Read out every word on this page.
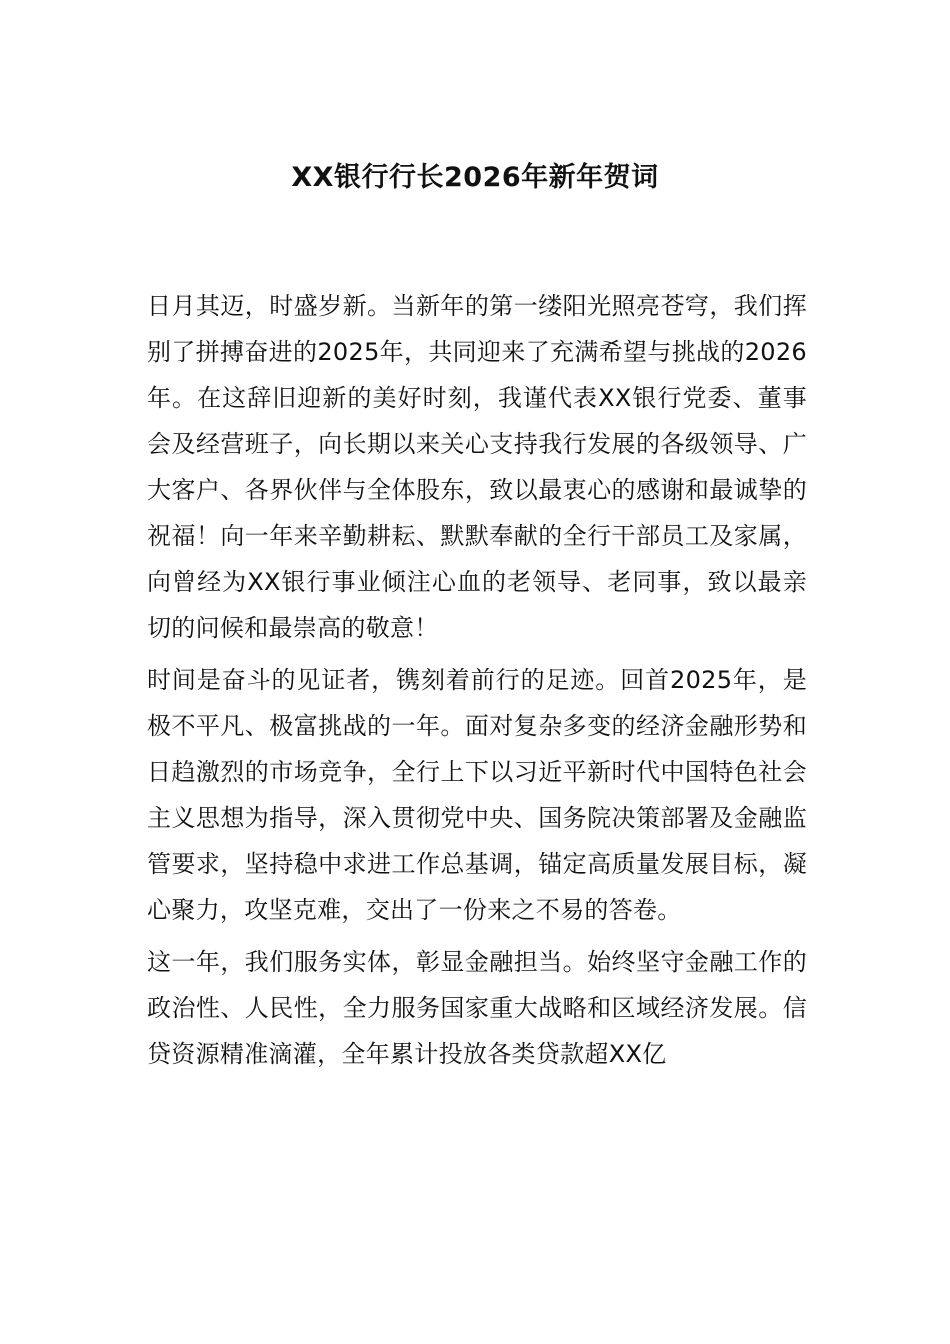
XX银行行长2026年新年贺词

日月其迈，时盛岁新。当新年的第一缕阳光照亮苍穹，我们挥别了拼搏奋进的2025年，共同迎来了充满希望与挑战的2026年。在这辞旧迎新的美好时刻，我谨代表XX银行党委、董事会及经营班子，向长期以来关心支持我行发展的各级领导、广大客户、各界伙伴与全体股东，致以最衷心的感谢和最诚挚的祝福！向一年来辛勤耕耘、默默奉献的全行干部员工及家属，向曾经为XX银行事业倾注心血的老领导、老同事，致以最亲切的问候和最崇高的敬意！

时间是奋斗的见证者，镌刻着前行的足迹。回首2025年，是极不平凡、极富挑战的一年。面对复杂多变的经济金融形势和日趋激烈的市场竞争，全行上下以习近平新时代中国特色社会主义思想为指导，深入贯彻党中央、国务院决策部署及金融监管要求，坚持稳中求进工作总基调，锚定高质量发展目标，凝心聚力，攻坚克难，交出了一份来之不易的答卷。

这一年，我们服务实体，彰显金融担当。始终坚守金融工作的政治性、人民性，全力服务国家重大战略和区域经济发展。信贷资源精准滴灌，全年累计投放各类贷款超XX亿
